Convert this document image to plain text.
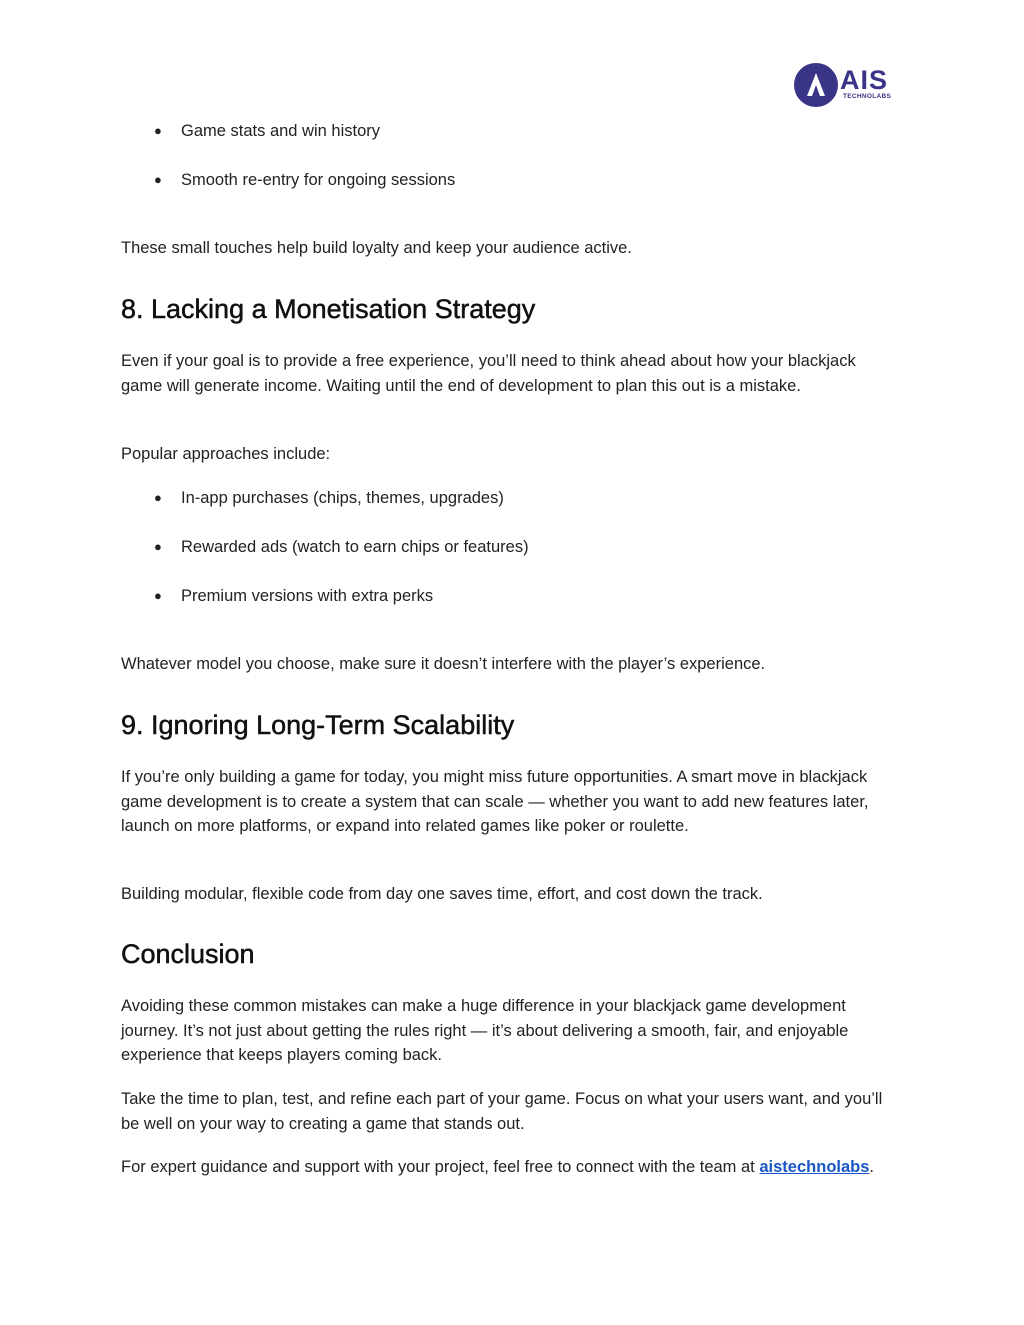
AIS
TECHNOLABS
● Game stats and win history
● Smooth re-entry for ongoing sessions

These small touches help build loyalty and keep your audience active.

8. Lacking a Monetisation Strategy

Even if your goal is to provide a free experience, you’ll need to think ahead about how your blackjack game will generate income. Waiting until the end of development to plan this out is a mistake.

Popular approaches include:

● In-app purchases (chips, themes, upgrades)
● Rewarded ads (watch to earn chips or features)
● Premium versions with extra perks

Whatever model you choose, make sure it doesn’t interfere with the player’s experience.

9. Ignoring Long-Term Scalability

If you’re only building a game for today, you might miss future opportunities. A smart move in blackjack game development is to create a system that can scale — whether you want to add new features later, launch on more platforms, or expand into related games like poker or roulette.

Building modular, flexible code from day one saves time, effort, and cost down the track.

Conclusion

Avoiding these common mistakes can make a huge difference in your blackjack game development journey. It’s not just about getting the rules right — it’s about delivering a smooth, fair, and enjoyable experience that keeps players coming back.

Take the time to plan, test, and refine each part of your game. Focus on what your users want, and you’ll be well on your way to creating a game that stands out.

For expert guidance and support with your project, feel free to connect with the team at aistechnolabs.
